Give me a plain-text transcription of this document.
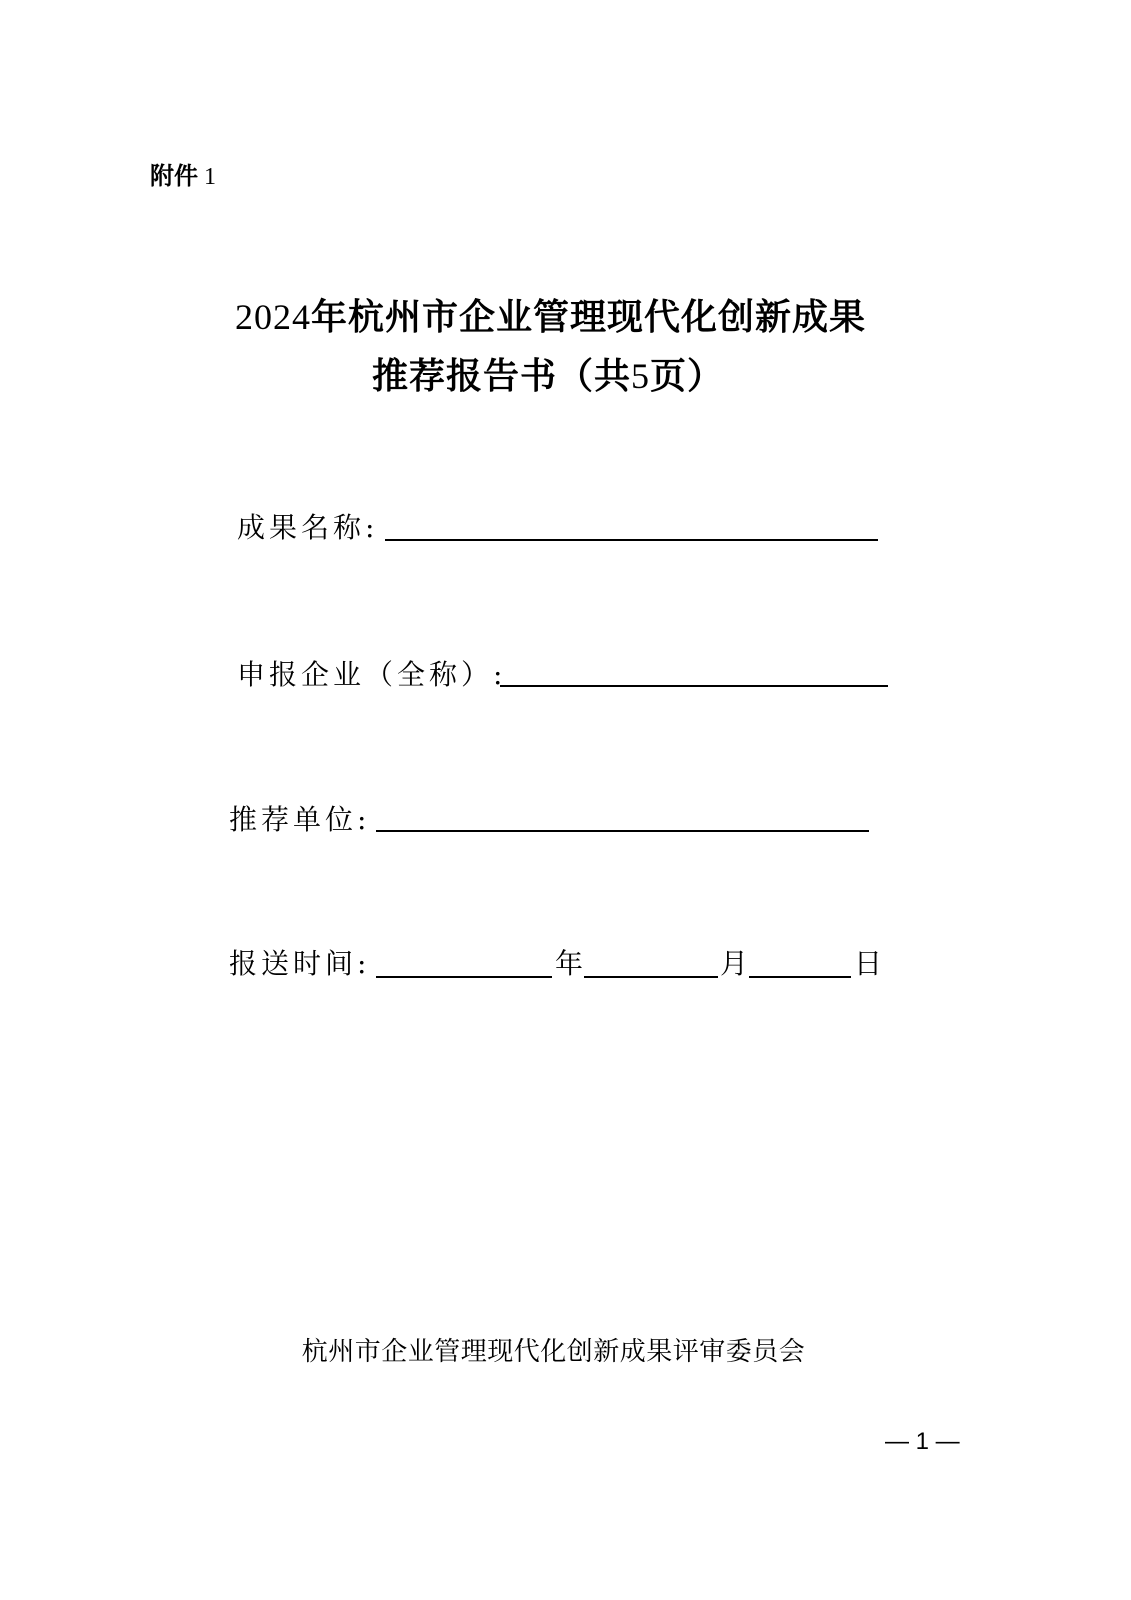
附件 1
2024年杭州市企业管理现代化创新成果
推荐报告书（共5页）
成果名称:
申报企业（全称）:
推荐单位:
报送时间:	年	月	日
杭州市企业管理现代化创新成果评审委员会
— 1 —
